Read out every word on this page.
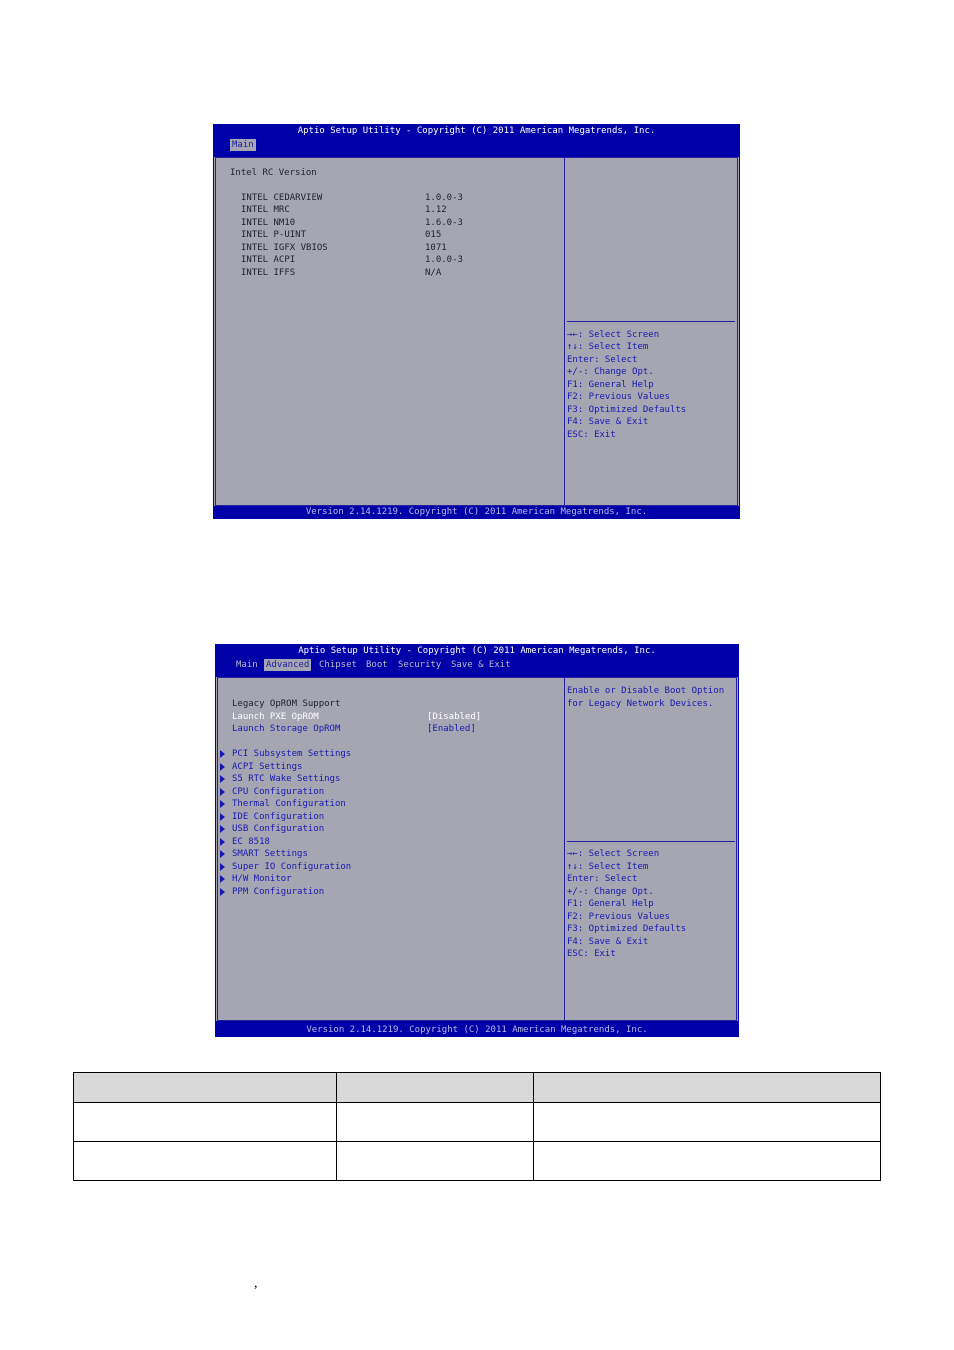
Aptio Setup Utility - Copyright (C) 2011 American Megatrends, Inc.
Main
Intel RC Version
INTEL CEDARVIEW	1.0.0-3
INTEL MRC	1.12
INTEL NM10	1.6.0-3
INTEL P-UINT	015
INTEL IGFX VBIOS	1071
INTEL ACPI	1.0.0-3
INTEL IFFS	N/A
→←: Select Screen
↑↓: Select Item
Enter: Select
+/-: Change Opt.
F1: General Help
F2: Previous Values
F3: Optimized Defaults
F4: Save & Exit
ESC: Exit
Version 2.14.1219. Copyright (C) 2011 American Megatrends, Inc.
Aptio Setup Utility - Copyright (C) 2011 American Megatrends, Inc.
Main Advanced Chipset Boot Security Save & Exit
Legacy OpROM Support
Launch PXE OpROM	[Disabled]
Launch Storage OpROM	[Enabled]
PCI Subsystem Settings
ACPI Settings
S5 RTC Wake Settings
CPU Configuration
Thermal Configuration
IDE Configuration
USB Configuration
EC 8518
SMART Settings
Super IO Configuration
H/W Monitor
PPM Configuration
Enable or Disable Boot Option
for Legacy Network Devices.
→←: Select Screen
↑↓: Select Item
Enter: Select
+/-: Change Opt.
F1: General Help
F2: Previous Values
F3: Optimized Defaults
F4: Save & Exit
ESC: Exit
Version 2.14.1219. Copyright (C) 2011 American Megatrends, Inc.

,
